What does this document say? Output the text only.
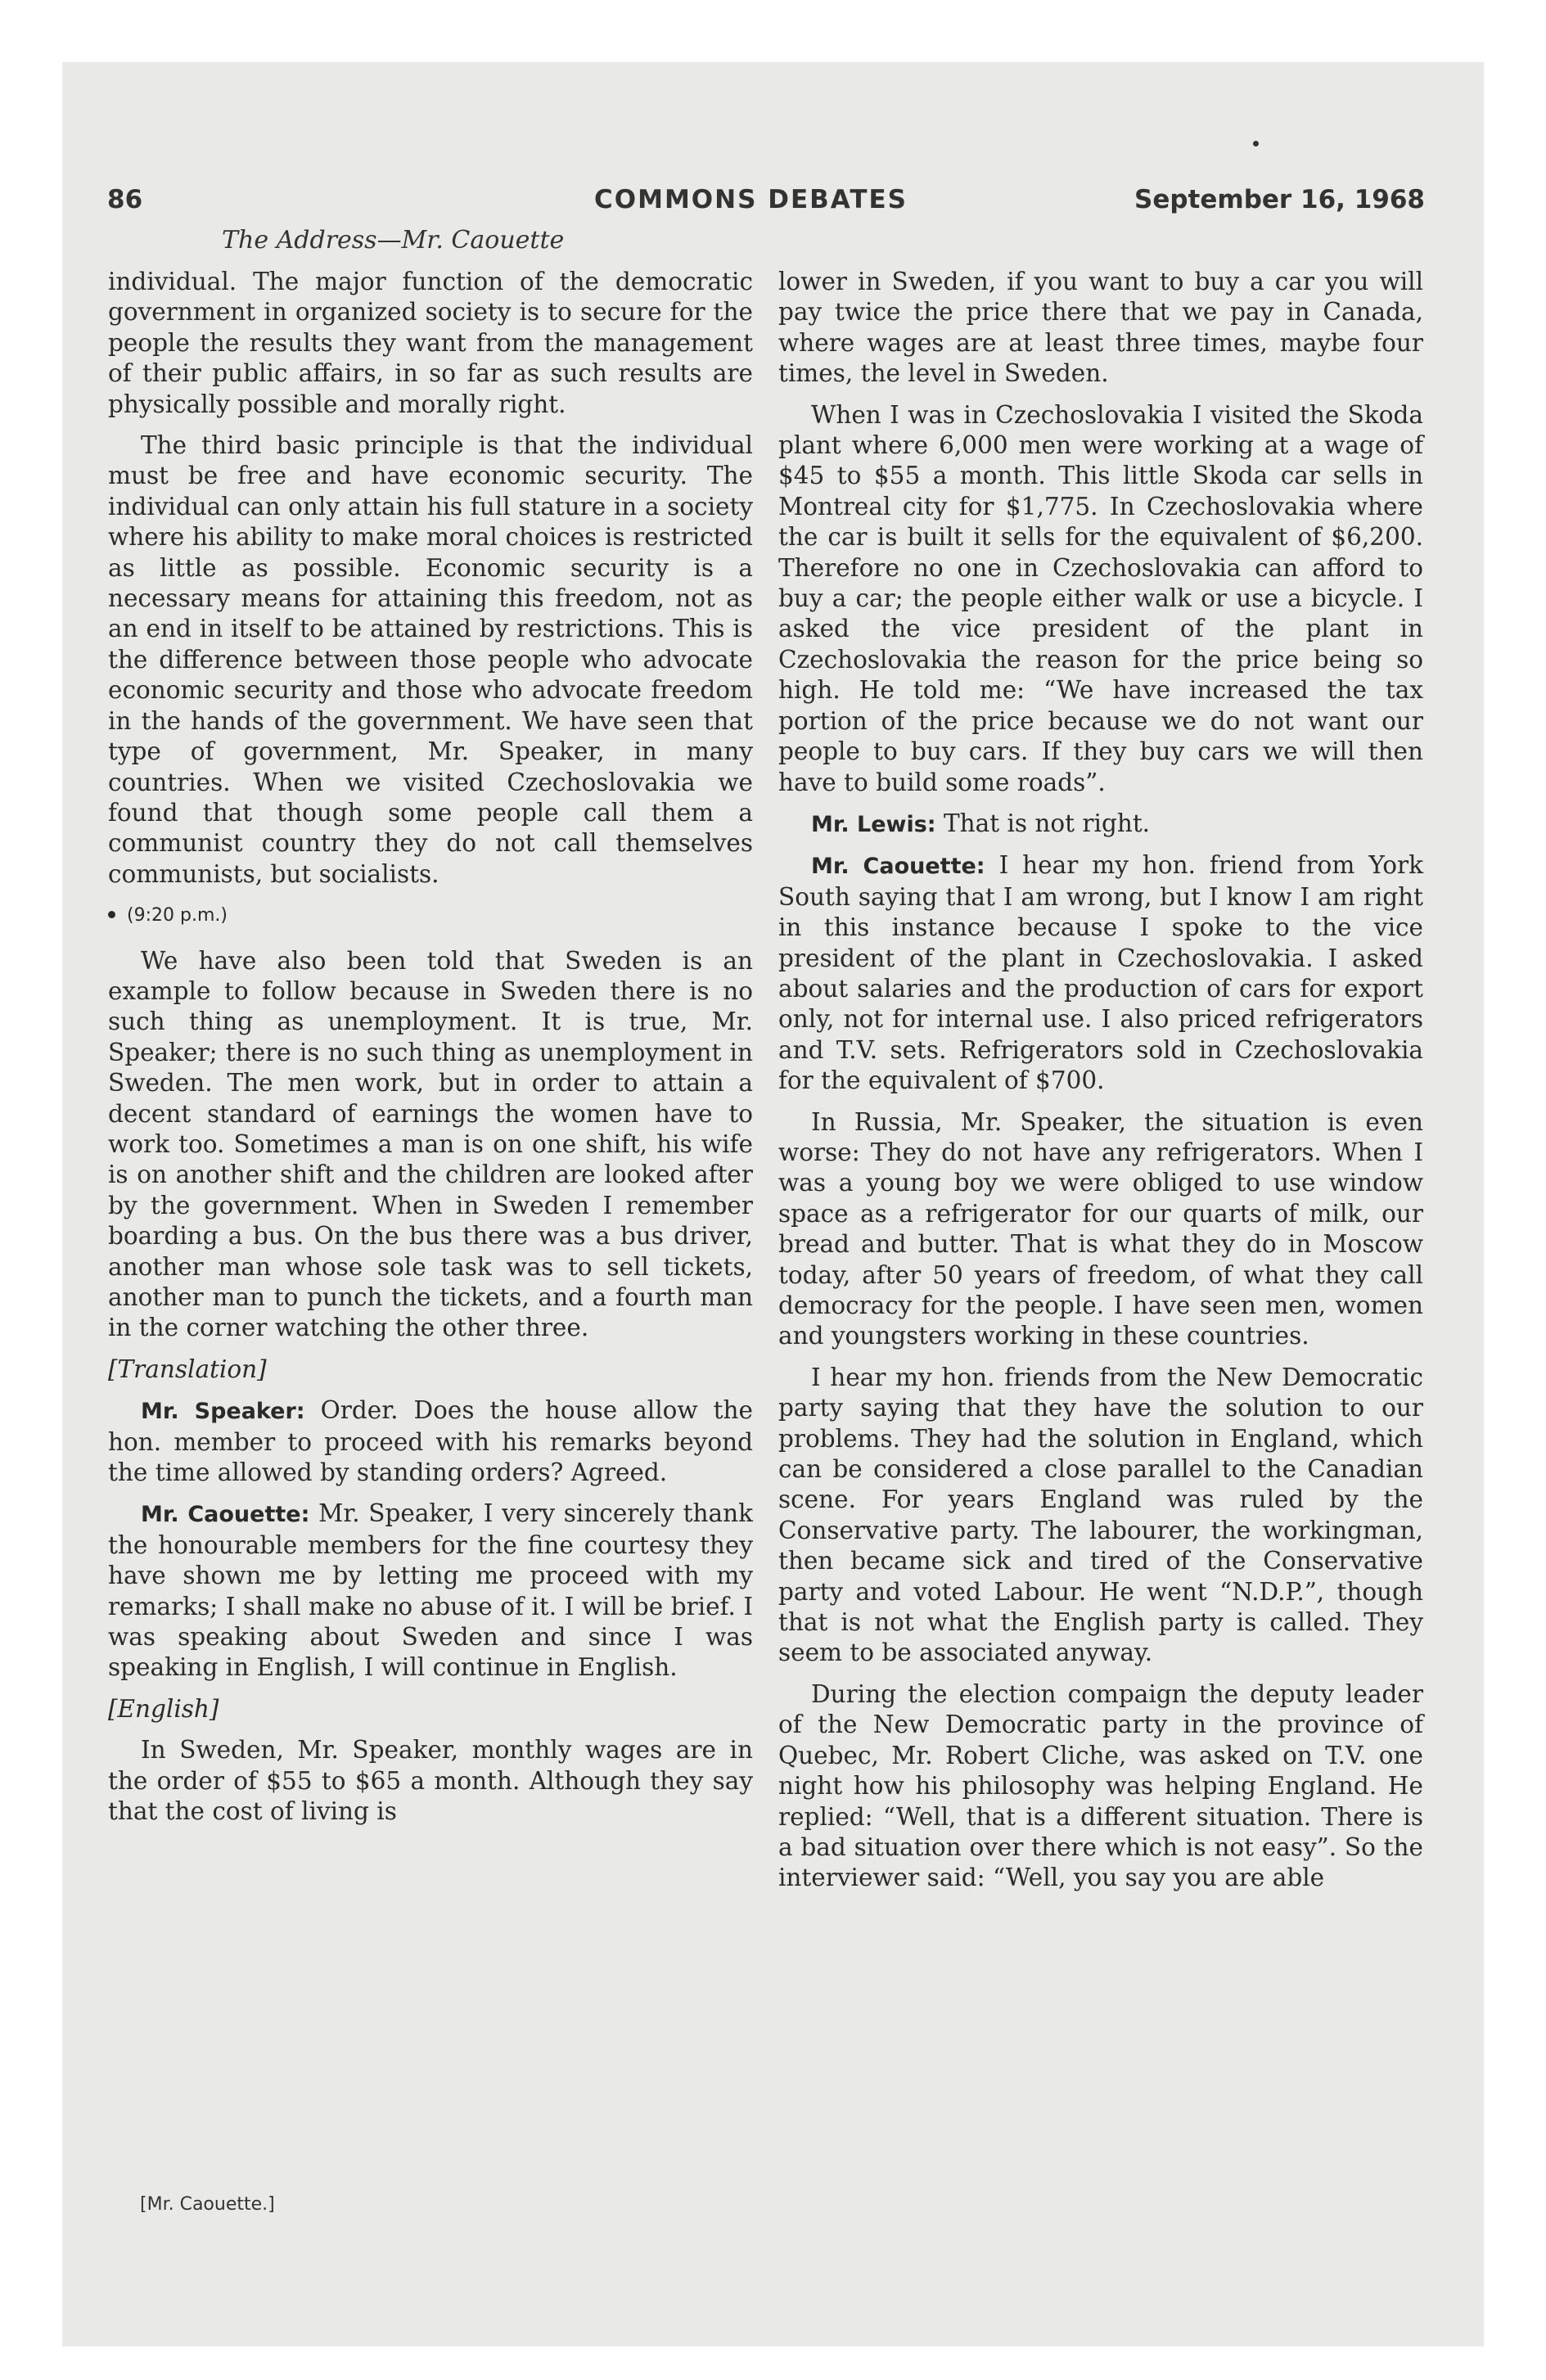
86	COMMONS DEBATES	September 16, 1968
The Address—Mr. Caouette

individual. The major function of the democratic government in organized society is to secure for the people the results they want from the management of their public affairs, in so far as such results are physically possible and morally right.

The third basic principle is that the individual must be free and have economic security. The individual can only attain his full stature in a society where his ability to make moral choices is restricted as little as possible. Economic security is a necessary means for attaining this freedom, not as an end in itself to be attained by restrictions. This is the difference between those people who advocate economic security and those who advocate freedom in the hands of the government. We have seen that type of government, Mr. Speaker, in many countries. When we visited Czechoslovakia we found that though some people call them a communist country they do not call themselves communists, but socialists.

(9:20 p.m.)

We have also been told that Sweden is an example to follow because in Sweden there is no such thing as unemployment. It is true, Mr. Speaker; there is no such thing as unemployment in Sweden. The men work, but in order to attain a decent standard of earnings the women have to work too. Sometimes a man is on one shift, his wife is on another shift and the children are looked after by the government. When in Sweden I remember boarding a bus. On the bus there was a bus driver, another man whose sole task was to sell tickets, another man to punch the tickets, and a fourth man in the corner watching the other three.

[Translation]

Mr. Speaker: Order. Does the house allow the hon. member to proceed with his remarks beyond the time allowed by standing orders? Agreed.

Mr. Caouette: Mr. Speaker, I very sincerely thank the honourable members for the fine courtesy they have shown me by letting me proceed with my remarks; I shall make no abuse of it. I will be brief. I was speaking about Sweden and since I was speaking in English, I will continue in English.

[English]

In Sweden, Mr. Speaker, monthly wages are in the order of $55 to $65 a month. Although they say that the cost of living is

lower in Sweden, if you want to buy a car you will pay twice the price there that we pay in Canada, where wages are at least three times, maybe four times, the level in Sweden.

When I was in Czechoslovakia I visited the Skoda plant where 6,000 men were working at a wage of $45 to $55 a month. This little Skoda car sells in Montreal city for $1,775. In Czechoslovakia where the car is built it sells for the equivalent of $6,200. Therefore no one in Czechoslovakia can afford to buy a car; the people either walk or use a bicycle. I asked the vice president of the plant in Czechoslovakia the reason for the price being so high. He told me: “We have increased the tax portion of the price because we do not want our people to buy cars. If they buy cars we will then have to build some roads”.

Mr. Lewis: That is not right.

Mr. Caouette: I hear my hon. friend from York South saying that I am wrong, but I know I am right in this instance because I spoke to the vice president of the plant in Czechoslovakia. I asked about salaries and the production of cars for export only, not for internal use. I also priced refrigerators and T.V. sets. Refrigerators sold in Czechoslovakia for the equivalent of $700.

In Russia, Mr. Speaker, the situation is even worse: They do not have any refrigerators. When I was a young boy we were obliged to use window space as a refrigerator for our quarts of milk, our bread and butter. That is what they do in Moscow today, after 50 years of freedom, of what they call democracy for the people. I have seen men, women and youngsters working in these countries.

I hear my hon. friends from the New Democratic party saying that they have the solution to our problems. They had the solution in England, which can be considered a close parallel to the Canadian scene. For years England was ruled by the Conservative party. The labourer, the workingman, then became sick and tired of the Conservative party and voted Labour. He went “N.D.P.”, though that is not what the English party is called. They seem to be associated anyway.

During the election compaign the deputy leader of the New Democratic party in the province of Quebec, Mr. Robert Cliche, was asked on T.V. one night how his philosophy was helping England. He replied: “Well, that is a different situation. There is a bad situation over there which is not easy”. So the interviewer said: “Well, you say you are able

[Mr. Caouette.]
